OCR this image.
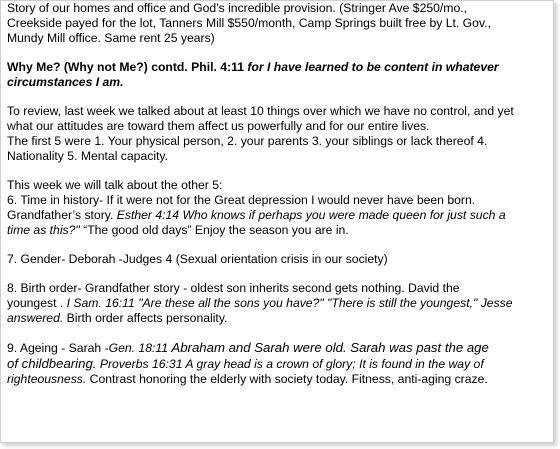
Story of our homes and office and God’s incredible provision. (Stringer Ave $250/mo.,

Creekside payed for the lot, Tanners Mill $550/month, Camp Springs built free by Lt. Gov.,

Mundy Mill office. Same rent 25 years)

Why Me? (Why not Me?) contd. Phil. 4:11 for I have learned to be content in whatever

circumstances I am.

To review, last week we talked about at least 10 things over which we have no control, and yet

what our attitudes are toward them affect us powerfully and for our entire lives.

The first 5 were 1. Your physical person, 2. your parents 3. your siblings or lack thereof 4.

Nationality 5. Mental capacity.

This week we will talk about the other 5:

6. Time in history- If it were not for the Great depression I would never have been born.

Grandfather’s story. Esther 4:14 Who knows if perhaps you were made queen for just such a

time as this?" “The good old days” Enjoy the season you are in.

7. Gender- Deborah -Judges 4 (Sexual orientation crisis in our society)

8. Birth order- Grandfather story - oldest son inherits second gets nothing. David the

youngest . I Sam. 16:11 "Are these all the sons you have?" "There is still the youngest," Jesse

answered. Birth order affects personality.

9. Ageing - Sarah -Gen. 18:11 Abraham and Sarah were old. Sarah was past the age

of childbearing. Proverbs 16:31 A gray head is a crown of glory; It is found in the way of

righteousness. Contrast honoring the elderly with society today. Fitness, anti-aging craze.
